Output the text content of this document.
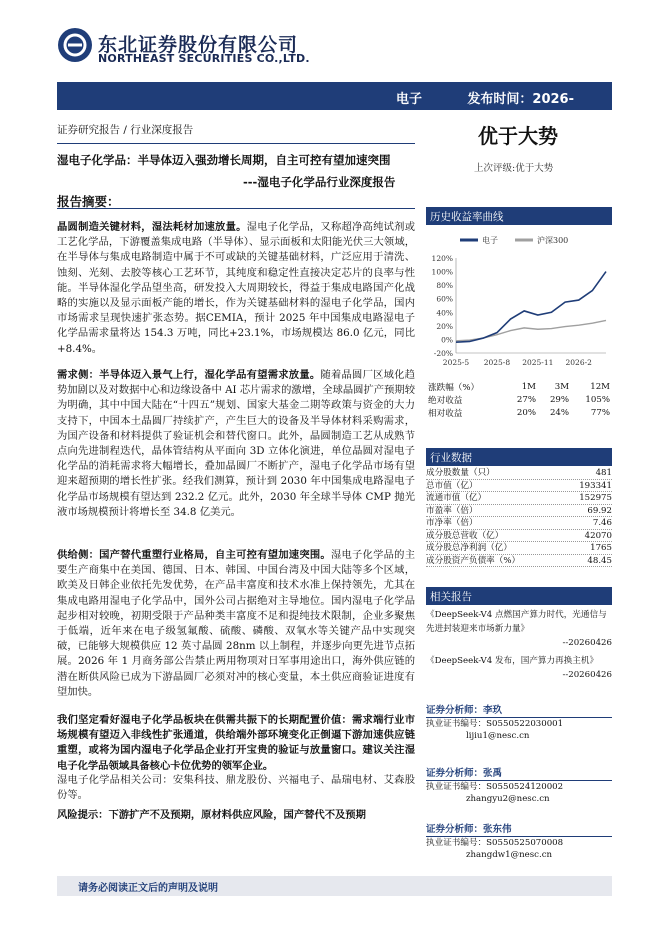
东北证券股份有限公司
NORTHEAST SECURITIES CO.,LTD.
电子	发布时间：2026-
证券研究报告 / 行业深度报告	优于大势
上次评级:优于大势
湿电子化学品：半导体迈入强劲增长周期，自主可控有望加速突围
---湿电子化学品行业深度报告
报告摘要：
晶圆制造关键材料，湿法耗材加速放量。湿电子化学品，又称超净高纯试剂或工艺化学品，下游覆盖集成电路（半导体）、显示面板和太阳能光伏三大领域，在半导体与集成电路制造中属于不可或缺的关键基础材料，广泛应用于清洗、蚀刻、光刻、去胶等核心工艺环节，其纯度和稳定性直接决定芯片的良率与性能。半导体湿化学品望坐高，研发投入大周期较长，得益于集成电路国产化战略的实施以及显示面板产能的增长，作为关键基础材料的湿电子化学品，国内市场需求呈现快速扩张态势。据CEMIA，预计 2025 年中国集成电路湿电子化学品需求量将达 154.3 万吨，同比+23.1%，市场规模达 86.0 亿元，同比+8.4%。
需求侧：半导体迈入景气上行，湿化学品有望需求放量。随着晶圆厂区域化趋势加剧以及对数据中心和边缘设备中 AI 芯片需求的激增，全球晶圆扩产预期较为明确，其中中国大陆在“十四五”规划、国家大基金二期等政策与资金的大力支持下，中国本土晶圆厂持续扩产，产生巨大的设备及半导体材料采购需求，为国产设备和材料提供了验证机会和替代窗口。此外，晶圆制造工艺从成熟节点向先进制程迭代，晶体管结构从平面向 3D 立体化演进，单位晶圆对湿电子化学品的消耗需求将大幅增长，叠加晶圆厂不断扩产，湿电子化学品市场有望迎来超预期的增长性扩张。经我们测算，预计到 2030 年中国集成电路湿电子化学品市场规模有望达到 232.2 亿元。此外，2030 年全球半导体 CMP 抛光液市场规模预计将增长至 34.8 亿美元。
供给侧：国产替代重塑行业格局，自主可控有望加速突围。湿电子化学品的主要生产商集中在美国、德国、日本、韩国、中国台湾及中国大陆等多个区域，欧美及日韩企业依托先发优势，在产品丰富度和技术水准上保持领先，尤其在集成电路用湿电子化学品中，国外公司占据绝对主导地位。国内湿电子化学品起步相对较晚，初期受限于产品种类丰富度不足和提纯技术限制，企业多聚焦于低端，近年来在电子级氢氟酸、硫酸、磷酸、双氧水等关键产品中实现突破，已能够大规模供应 12 英寸晶圆 28nm 以上制程，并逐步向更先进节点拓展。2026 年 1 月商务部公告禁止两用物项对日军事用途出口，海外供应链的潜在断供风险已成为下游晶圆厂必须对冲的核心变量，本土供应商验证进度有望加快。
我们坚定看好湿电子化学品板块在供需共振下的长期配置价值：需求端行业市场规模有望迈入非线性扩张通道，供给端外部环境变化正倒逼下游加速供应链重塑，或将为国内湿电子化学品企业打开宝贵的验证与放量窗口。建议关注湿电子化学品领域具备核心卡位优势的领军企业。
湿电子化学品相关公司：安集科技、鼎龙股份、兴福电子、晶瑞电材、艾森股份等。
风险提示：下游扩产不及预期，原材料供应风险，国产替代不及预期
历史收益率曲线
电子	沪深300
-20%
0%
20%
40%
60%
80%
100%
120%
2025-5 2025-8 2025-11 2026-2
涨跌幅（%）	1M	3M	12M
绝对收益	27%	29%	105%
相对收益	20%	24%	77%
行业数据
成分股数量（只）	481
总市值（亿）	193341
流通市值（亿）	152975
市盈率（倍）	69.92
市净率（倍）	7.46
成分股总营收（亿）	42070
成分股总净利润（亿）	1765
成分股资产负债率（%）	48.45
相关报告

《DeepSeek-V4 点燃国产算力时代，光通信与先进封装迎来市场新力量》

--20260426

《DeepSeek-V4 发布，国产算力再换主机》

--20260426

证券分析师：李玖
执业证书编号：S0550522030001
lijiu1@nesc.cn
证券分析师：张禹
执业证书编号：S0550524120002
zhangyu2@nesc.cn
证券分析师：张东伟
执业证书编号：S0550525070008
zhangdw1@nesc.cn
请务必阅读正文后的声明及说明
